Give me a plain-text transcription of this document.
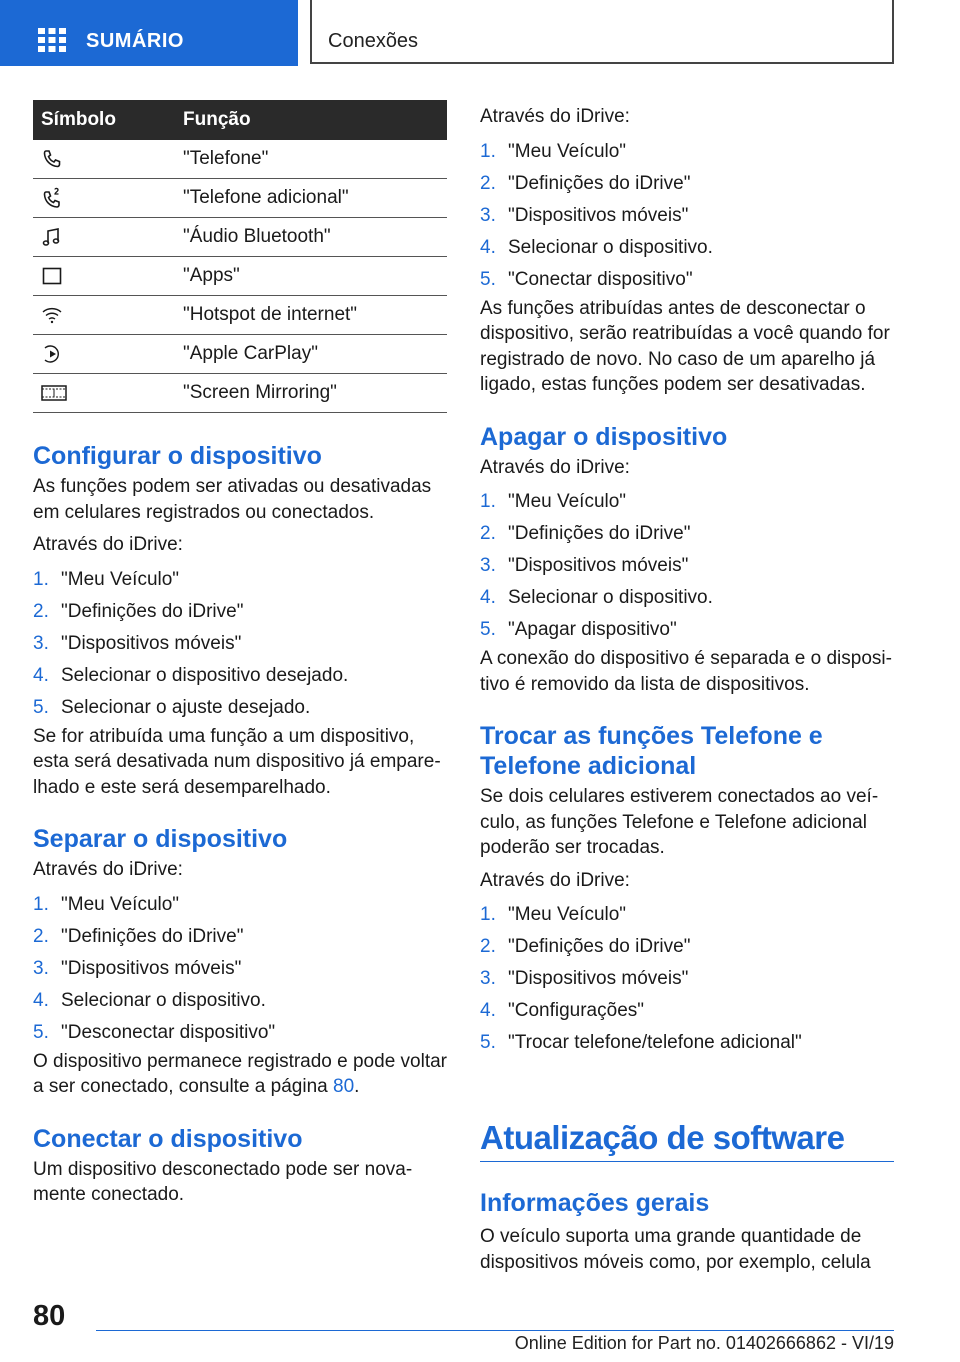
SUMÁRIO	Conexões
Símbolo	Função
	"Telefone"
	"Telefone adicional"
	"Áudio Bluetooth"
	"Apps"
	"Hotspot de internet"
	"Apple CarPlay"
	"Screen Mirroring"
Configurar o dispositivo

As funções podem ser ativadas ou desativadas em celulares registrados ou conectados.

Através do iDrive:

1. "Meu Veículo"
2. "Definições do iDrive"
3. "Dispositivos móveis"
4. Selecionar o dispositivo desejado.
5. Selecionar o ajuste desejado.

Se for atribuída uma função a um dispositivo, esta será desativada num dispositivo já emparelhado e este será desemparelhado.

Separar o dispositivo

Através do iDrive:

1. "Meu Veículo"
2. "Definições do iDrive"
3. "Dispositivos móveis"
4. Selecionar o dispositivo.
5. "Desconectar dispositivo"

O dispositivo permanece registrado e pode voltar a ser conectado, consulte a página 80.

Conectar o dispositivo

Um dispositivo desconectado pode ser novamente conectado.

Através do iDrive:

1. "Meu Veículo"
2. "Definições do iDrive"
3. "Dispositivos móveis"
4. Selecionar o dispositivo.
5. "Conectar dispositivo"

As funções atribuídas antes de desconectar o dispositivo, serão reatribuídas a você quando for registrado de novo. No caso de um aparelho já ligado, estas funções podem ser desativadas.

Apagar o dispositivo

Através do iDrive:

1. "Meu Veículo"
2. "Definições do iDrive"
3. "Dispositivos móveis"
4. Selecionar o dispositivo.
5. "Apagar dispositivo"

A conexão do dispositivo é separada e o dispositivo é removido da lista de dispositivos.

Trocar as funções Telefone e Telefone adicional

Se dois celulares estiverem conectados ao veículo, as funções Telefone e Telefone adicional poderão ser trocadas.

Através do iDrive:

1. "Meu Veículo"
2. "Definições do iDrive"
3. "Dispositivos móveis"
4. "Configurações"
5. "Trocar telefone/telefone adicional"
Atualização de software
Informações gerais

O veículo suporta uma grande quantidade de dispositivos móveis como, por exemplo, celula

80
Online Edition for Part no. 01402666862 - VI/19
